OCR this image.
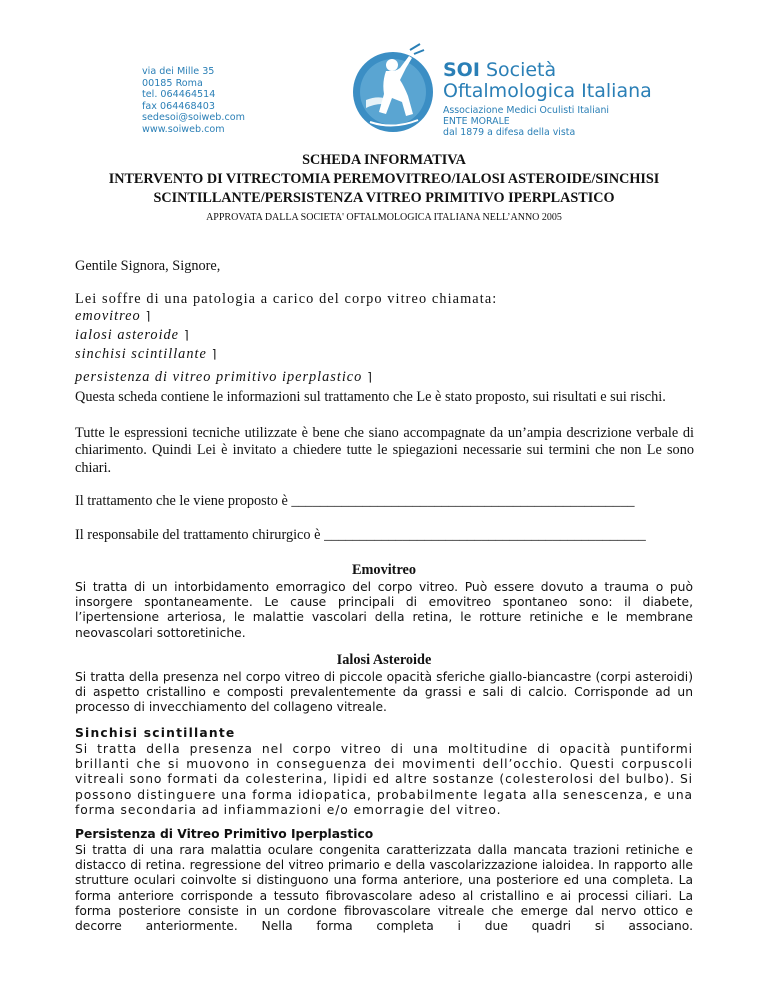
via dei Mille 35
00185 Roma
tel. 064464514
fax 064468403
sedesoi@soiweb.com
www.soiweb.com
SOI Società
Oftalmologica Italiana
Associazione Medici Oculisti Italiani
ENTE MORALE
dal 1879 a difesa della vista
SCHEDA INFORMATIVA
INTERVENTO DI VITRECTOMIA PEREMOVITREO/IALOSI ASTEROIDE/SINCHISI
SCINTILLANTE/PERSISTENZA VITREO PRIMITIVO IPERPLASTICO
APPROVATA DALLA SOCIETA' OFTALMOLOGICA ITALIANA NELL’ANNO 2005
Gentile Signora, Signore,
Lei soffre di una patologia a carico del corpo vitreo chiamata:
emovitreo ⌉
ialosi asteroide ⌉
sinchisi scintillante ⌉
persistenza di vitreo primitivo iperplastico ⌉
Questa scheda contiene le informazioni sul trattamento che Le è stato proposto, sui risultati e sui rischi.
Tutte le espressioni tecniche utilizzate è bene che siano accompagnate da un’ampia descrizione verbale di chiarimento. Quindi Lei è invitato a chiedere tutte le spiegazioni necessarie sui termini che non Le sono chiari.
Il trattamento che le viene proposto è ________________________________________________
Il responsabile del trattamento chirurgico è _____________________________________________
Emovitreo
Si tratta di un intorbidamento emorragico del corpo vitreo. Può essere dovuto a trauma o può insorgere spontaneamente. Le cause principali di emovitreo spontaneo sono: il diabete, l’ipertensione arteriosa, le malattie vascolari della retina, le rotture retiniche e le membrane neovascolari sottoretiniche.
Ialosi Asteroide
Si tratta della presenza nel corpo vitreo di piccole opacità sferiche giallo-biancastre (corpi asteroidi) di aspetto cristallino e composti prevalentemente da grassi e sali di calcio. Corrisponde ad un processo di invecchiamento del collageno vitreale.
Sinchisi scintillante
Si tratta della presenza nel corpo vitreo di una moltitudine di opacità puntiformi brillanti che si muovono in conseguenza dei movimenti dell’occhio. Questi corpuscoli vitreali sono formati da colesterina, lipidi ed altre sostanze (colesterolosi del bulbo). Si possono distinguere una forma idiopatica, probabilmente legata alla senescenza, e una forma secondaria ad infiammazioni e/o emorragie del vitreo.
Persistenza di Vitreo Primitivo Iperplastico
Si tratta di una rara malattia oculare congenita caratterizzata dalla mancata trazioni retiniche e distacco di retina. regressione del vitreo primario e della vascolarizzazione ialoidea. In rapporto alle strutture oculari coinvolte si distinguono una forma anteriore, una posteriore ed una completa. La forma anteriore corrisponde a tessuto fibrovascolare adeso al cristallino e ai processi ciliari. La forma posteriore consiste in un cordone fibrovascolare vitreale che emerge dal nervo ottico e decorre anteriormente. Nella forma completa i due quadri si associano.
